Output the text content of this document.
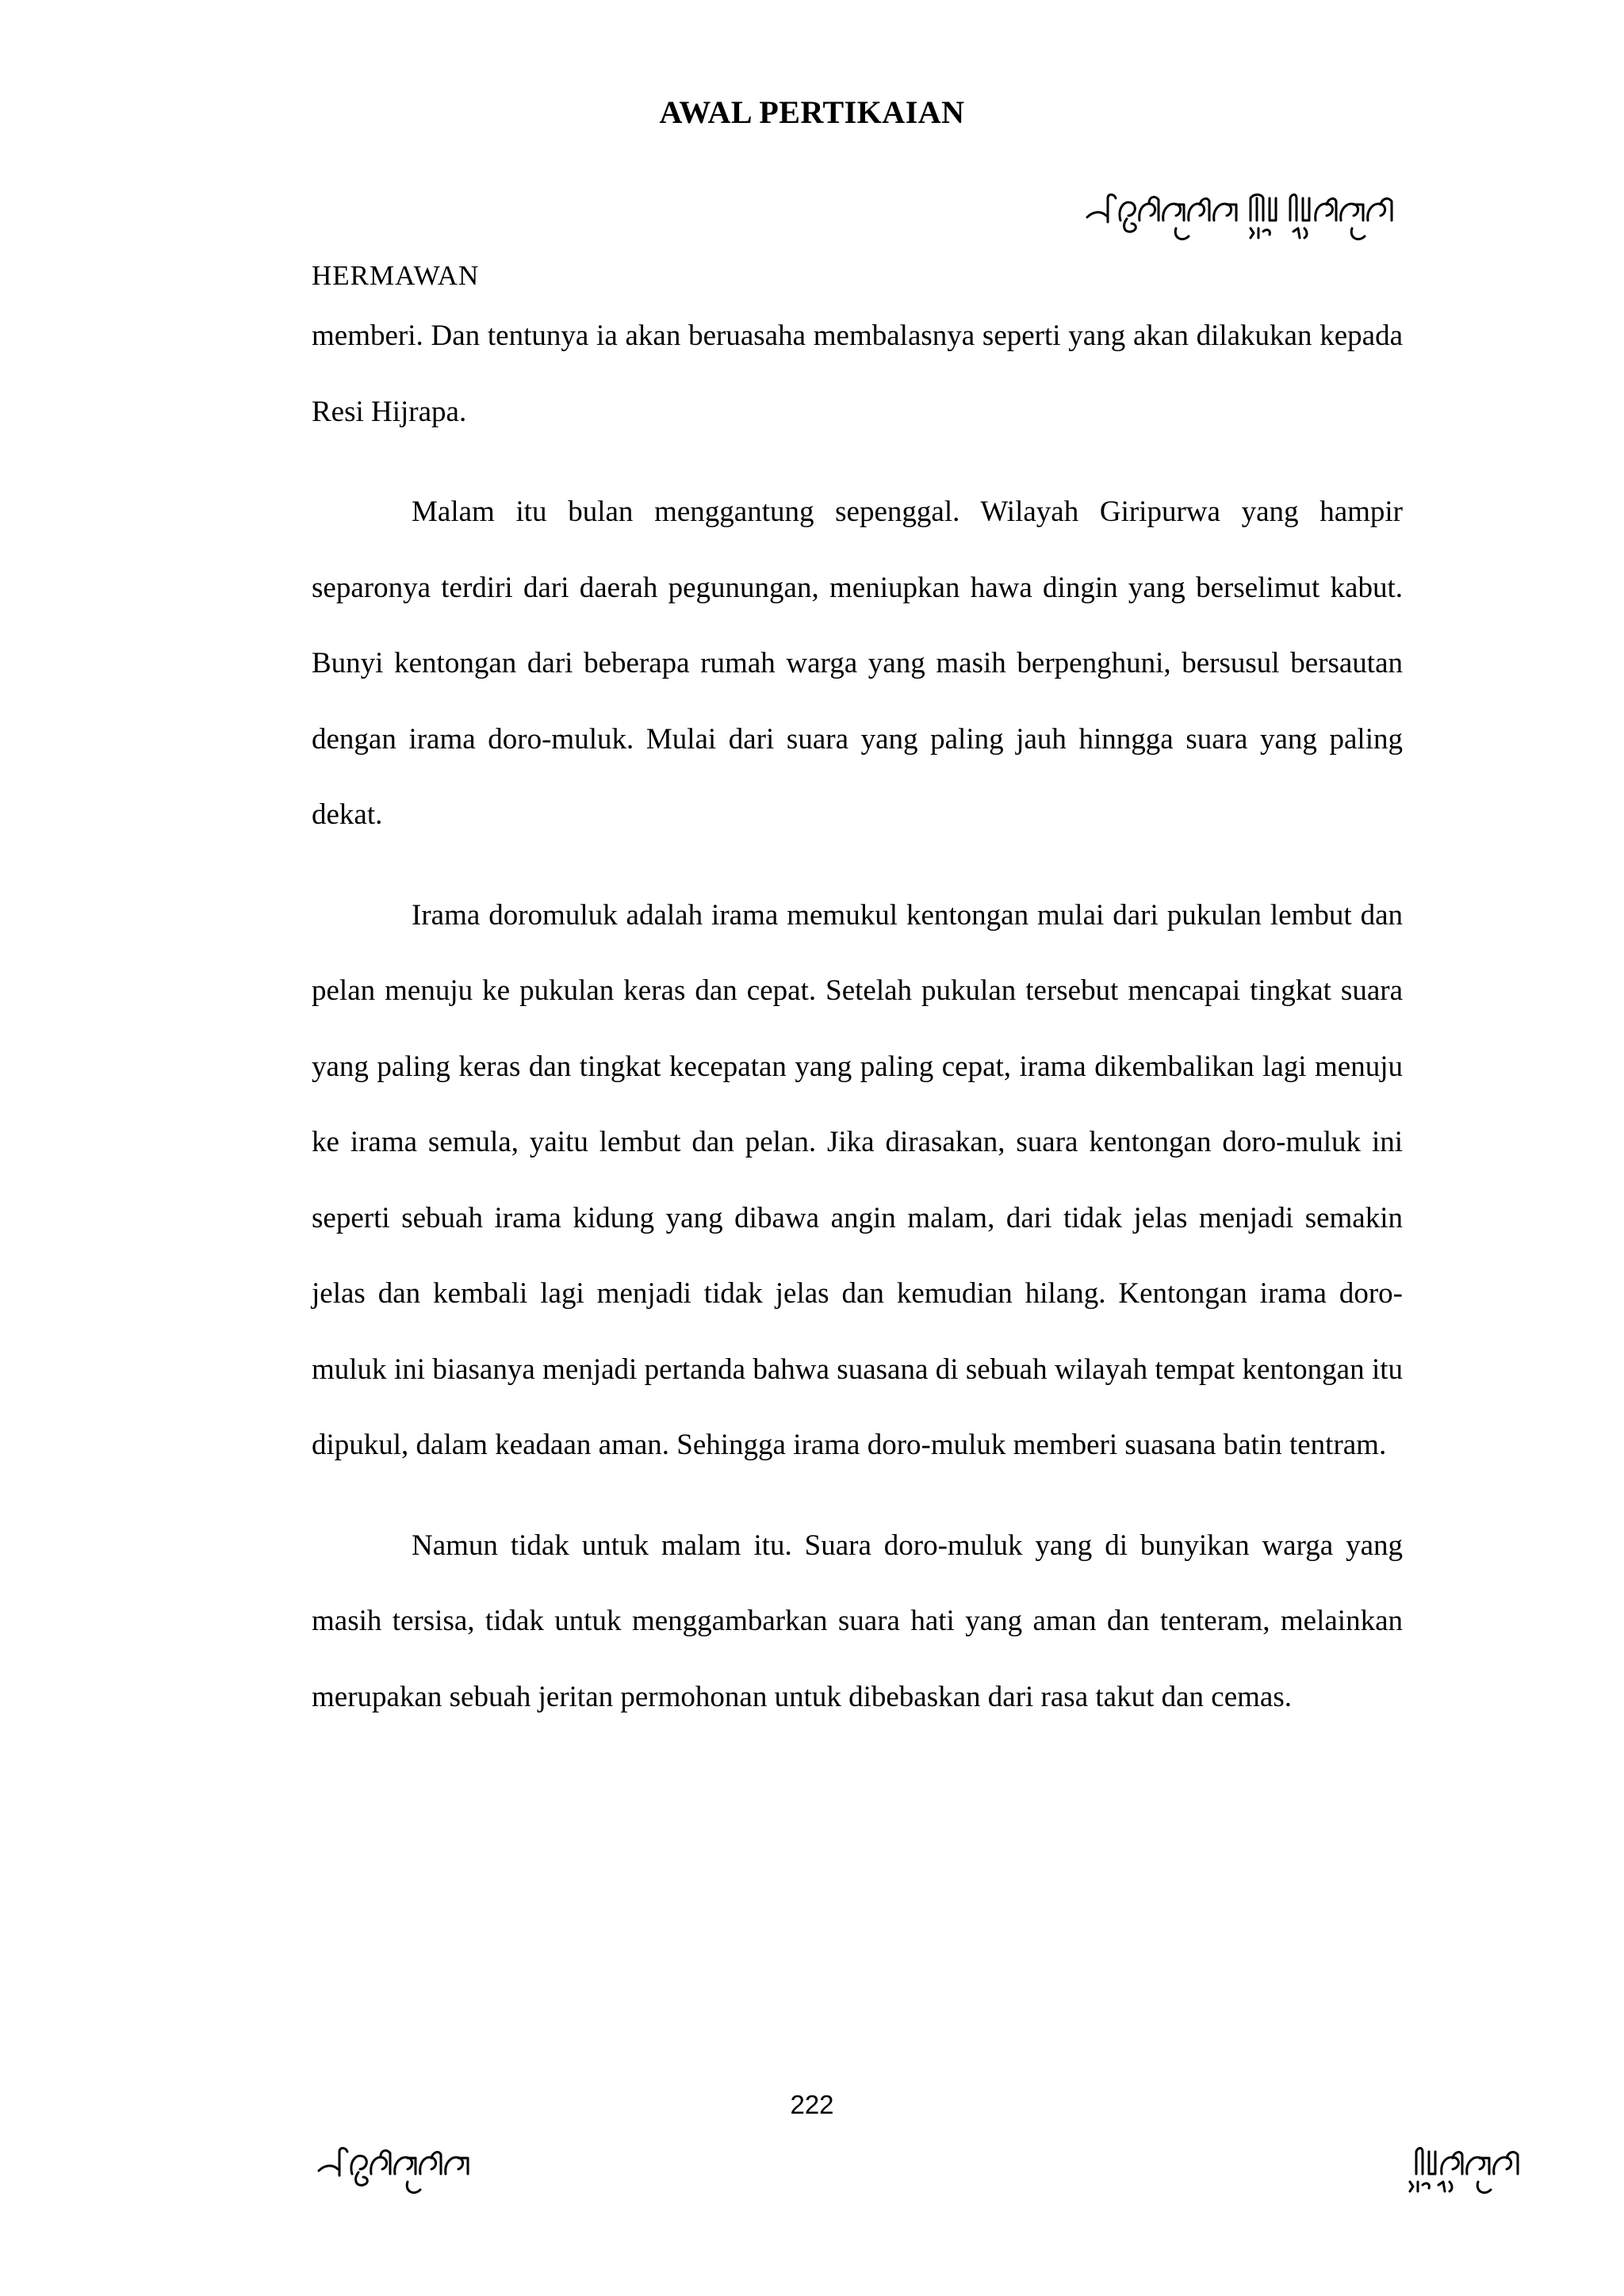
AWAL PERTIKAIAN
HERMAWAN

memberi. Dan tentunya ia akan beruasaha membalasnya seperti yang akan dilakukan kepada Resi Hijrapa.

Malam itu bulan menggantung sepenggal. Wilayah Giripurwa yang hampir separonya terdiri dari daerah pegunungan, meniupkan hawa dingin yang berselimut kabut. Bunyi kentongan dari beberapa rumah warga yang masih berpenghuni, bersusul bersautan dengan irama doro-muluk. Mulai dari suara yang paling jauh hinngga suara yang paling dekat.

Irama doromuluk adalah irama memukul kentongan mulai dari pukulan lembut dan pelan menuju ke pukulan keras dan cepat. Setelah pukulan tersebut mencapai tingkat suara yang paling keras dan tingkat kecepatan yang paling cepat, irama dikembalikan lagi menuju ke irama semula, yaitu lembut dan pelan. Jika dirasakan, suara kentongan doro-muluk ini seperti sebuah irama kidung yang dibawa angin malam, dari tidak jelas menjadi semakin jelas dan kembali lagi menjadi tidak jelas dan kemudian hilang. Kentongan irama doro-muluk ini biasanya menjadi pertanda bahwa suasana di sebuah wilayah tempat kentongan itu dipukul, dalam keadaan aman. Sehingga irama doro-muluk memberi suasana batin tentram.

Namun tidak untuk malam itu. Suara doro-muluk yang di bunyikan warga yang masih tersisa, tidak untuk menggambarkan suara hati yang aman dan tenteram, melainkan merupakan sebuah jeritan permohonan untuk dibebaskan dari rasa takut dan cemas.

222
